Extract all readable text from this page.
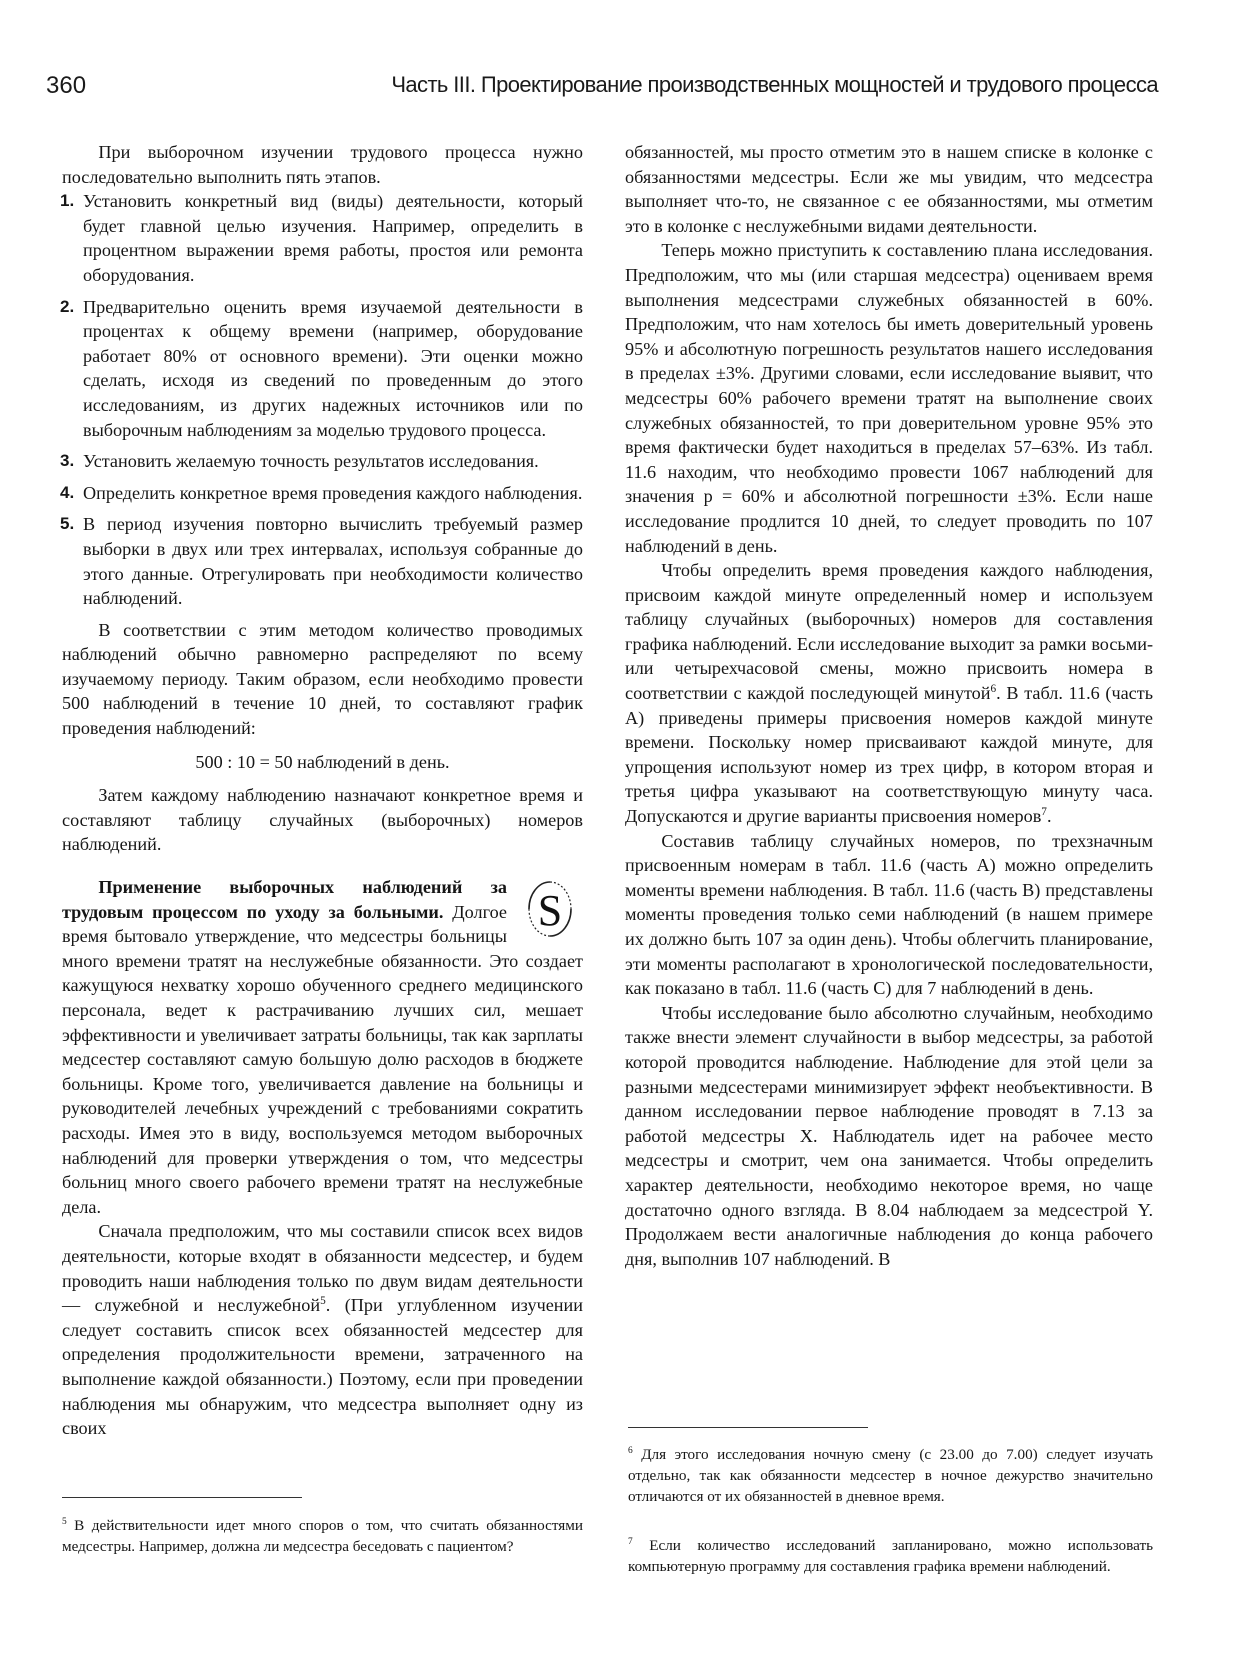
360	Часть III. Проектирование производственных мощностей и трудового процесса

При выборочном изучении трудового процесса нужно последовательно выполнить пять этапов.

1. Установить конкретный вид (виды) деятельности, который будет главной целью изучения. Например, определить в процентном выражении время работы, простоя или ремонта оборудования.
2. Предварительно оценить время изучаемой деятельности в процентах к общему времени (например, оборудование работает 80% от основного времени). Эти оценки можно сделать, исходя из сведений по проведенным до этого исследованиям, из других надежных источников или по выборочным наблюдениям за моделью трудового процесса.
3. Установить желаемую точность результатов исследования.
4. Определить конкретное время проведения каждого наблюдения.
5. В период изучения повторно вычислить требуемый размер выборки в двух или трех интервалах, используя собранные до этого данные. Отрегулировать при необходимости количество наблюдений.

В соответствии с этим методом количество проводимых наблюдений обычно равномерно распределяют по всему изучаемому периоду. Таким образом, если необходимо провести 500 наблюдений в течение 10 дней, то составляют график проведения наблюдений:

500 : 10 = 50 наблюдений в день.

Затем каждому наблюдению назначают конкретное время и составляют таблицу случайных (выборочных) номеров наблюдений.

S

Применение выборочных наблюдений за трудовым процессом по уходу за больными. Долгое время бытовало утверждение, что медсестры больницы много времени тратят на неслужебные обязанности. Это создает кажущуюся нехватку хорошо обученного среднего медицинского персонала, ведет к растрачиванию лучших сил, мешает эффективности и увеличивает затраты больницы, так как зарплаты медсестер составляют самую большую долю расходов в бюджете больницы. Кроме того, увеличивается давление на больницы и руководителей лечебных учреждений с требованиями сократить расходы. Имея это в виду, воспользуемся методом выборочных наблюдений для проверки утверждения о том, что медсестры больниц много своего рабочего времени тратят на неслужебные дела.

Сначала предположим, что мы составили список всех видов деятельности, которые входят в обязанности медсестер, и будем проводить наши наблюдения только по двум видам деятельности — служебной и неслужебной$^5$. (При углубленном изучении следует составить список всех обязанностей медсестер для определения продолжительности времени, затраченного на выполнение каждой обязанности.) Поэтому, если при проведении наблюдения мы обнаружим, что медсестра выполняет одну из своих

обязанностей, мы просто отметим это в нашем списке в колонке с обязанностями медсестры. Если же мы увидим, что медсестра выполняет что-то, не связанное с ее обязанностями, мы отметим это в колонке с неслужебными видами деятельности.

Теперь можно приступить к составлению плана исследования. Предположим, что мы (или старшая медсестра) оцениваем время выполнения медсестрами служебных обязанностей в 60%. Предположим, что нам хотелось бы иметь доверительный уровень 95% и абсолютную погрешность результатов нашего исследования в пределах ±3%. Другими словами, если исследование выявит, что медсестры 60% рабочего времени тратят на выполнение своих служебных обязанностей, то при доверительном уровне 95% это время фактически будет находиться в пределах 57–63%. Из табл. 11.6 находим, что необходимо провести 1067 наблюдений для значения p = 60% и абсолютной погрешности ±3%. Если наше исследование продлится 10 дней, то следует проводить по 107 наблюдений в день.

Чтобы определить время проведения каждого наблюдения, присвоим каждой минуте определенный номер и используем таблицу случайных (выборочных) номеров для составления графика наблюдений. Если исследование выходит за рамки восьми- или четырехчасовой смены, можно присвоить номера в соответствии с каждой последующей минутой$^6$. В табл. 11.6 (часть А) приведены примеры присвоения номеров каждой минуте времени. Поскольку номер присваивают каждой минуте, для упрощения используют номер из трех цифр, в котором вторая и третья цифра указывают на соответствующую минуту часа. Допускаются и другие варианты присвоения номеров$^7$.

Составив таблицу случайных номеров, по трехзначным присвоенным номерам в табл. 11.6 (часть А) можно определить моменты времени наблюдения. В табл. 11.6 (часть В) представлены моменты проведения только семи наблюдений (в нашем примере их должно быть 107 за один день). Чтобы облегчить планирование, эти моменты располагают в хронологической последовательности, как показано в табл. 11.6 (часть С) для 7 наблюдений в день.

Чтобы исследование было абсолютно случайным, необходимо также внести элемент случайности в выбор медсестры, за работой которой проводится наблюдение. Наблюдение для этой цели за разными медсестерами минимизирует эффект необъективности. В данном исследовании первое наблюдение проводят в 7.13 за работой медсестры X. Наблюдатель идет на рабочее место медсестры и смотрит, чем она занимается. Чтобы определить характер деятельности, необходимо некоторое время, но чаще достаточно одного взгляда. В 8.04 наблюдаем за медсестрой Y. Продолжаем вести аналогичные наблюдения до конца рабочего дня, выполнив 107 наблюдений. В

$^5$ В действительности идет много споров о том, что считать обязанностями медсестры. Например, должна ли медсестра беседовать с пациентом?
$^6$ Для этого исследования ночную смену (с 23.00 до 7.00) следует изучать отдельно, так как обязанности медсестер в ночное дежурство значительно отличаются от их обязанностей в дневное время.
$^7$ Если количество исследований запланировано, можно использовать компьютерную программу для составления графика времени наблюдений.
